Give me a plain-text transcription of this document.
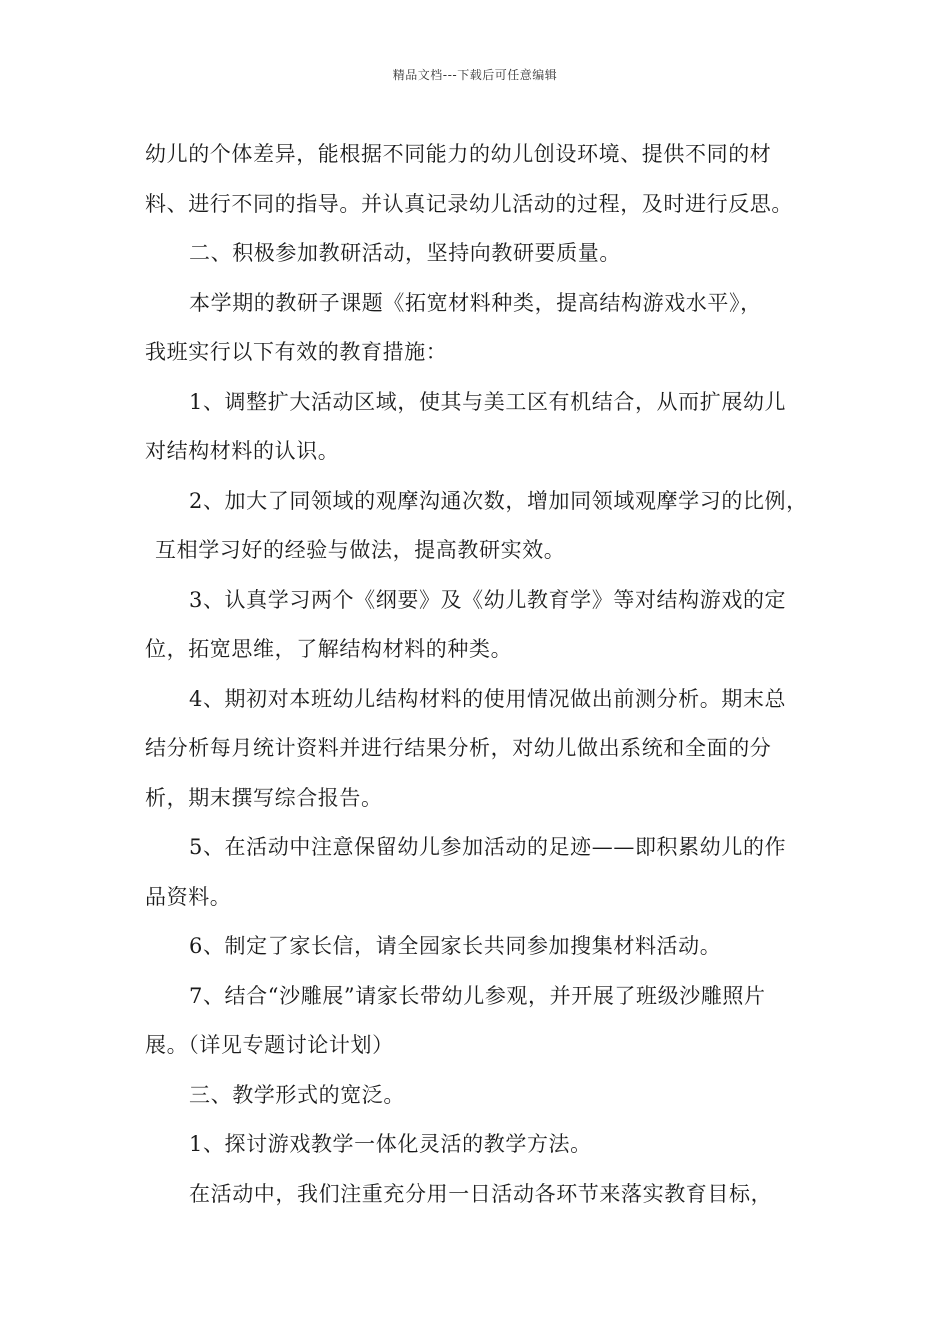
精品文档---下载后可任意编辑
幼儿的个体差异，能根据不同能力的幼儿创设环境、提供不同的材
料、进行不同的指导。并认真记录幼儿活动的过程，及时进行反思。
二、积极参加教研活动，坚持向教研要质量。
本学期的教研子课题《拓宽材料种类，提高结构游戏水平》，
我班实行以下有效的教育措施：
1、调整扩大活动区域，使其与美工区有机结合，从而扩展幼儿
对结构材料的认识。
2、加大了同领域的观摩沟通次数，增加同领域观摩学习的比例，
互相学习好的经验与做法，提高教研实效。
3、认真学习两个《纲要》及《幼儿教育学》等对结构游戏的定
位，拓宽思维，了解结构材料的种类。
4、期初对本班幼儿结构材料的使用情况做出前测分析。期末总
结分析每月统计资料并进行结果分析，对幼儿做出系统和全面的分
析，期末撰写综合报告。
5、在活动中注意保留幼儿参加活动的足迹——即积累幼儿的作
品资料。
6、制定了家长信，请全园家长共同参加搜集材料活动。
7、结合“沙雕展”请家长带幼儿参观，并开展了班级沙雕照片
展。（详见专题讨论计划）
三、教学形式的宽泛。
1、探讨游戏教学一体化灵活的教学方法。
在活动中，我们注重充分用一日活动各环节来落实教育目标，
